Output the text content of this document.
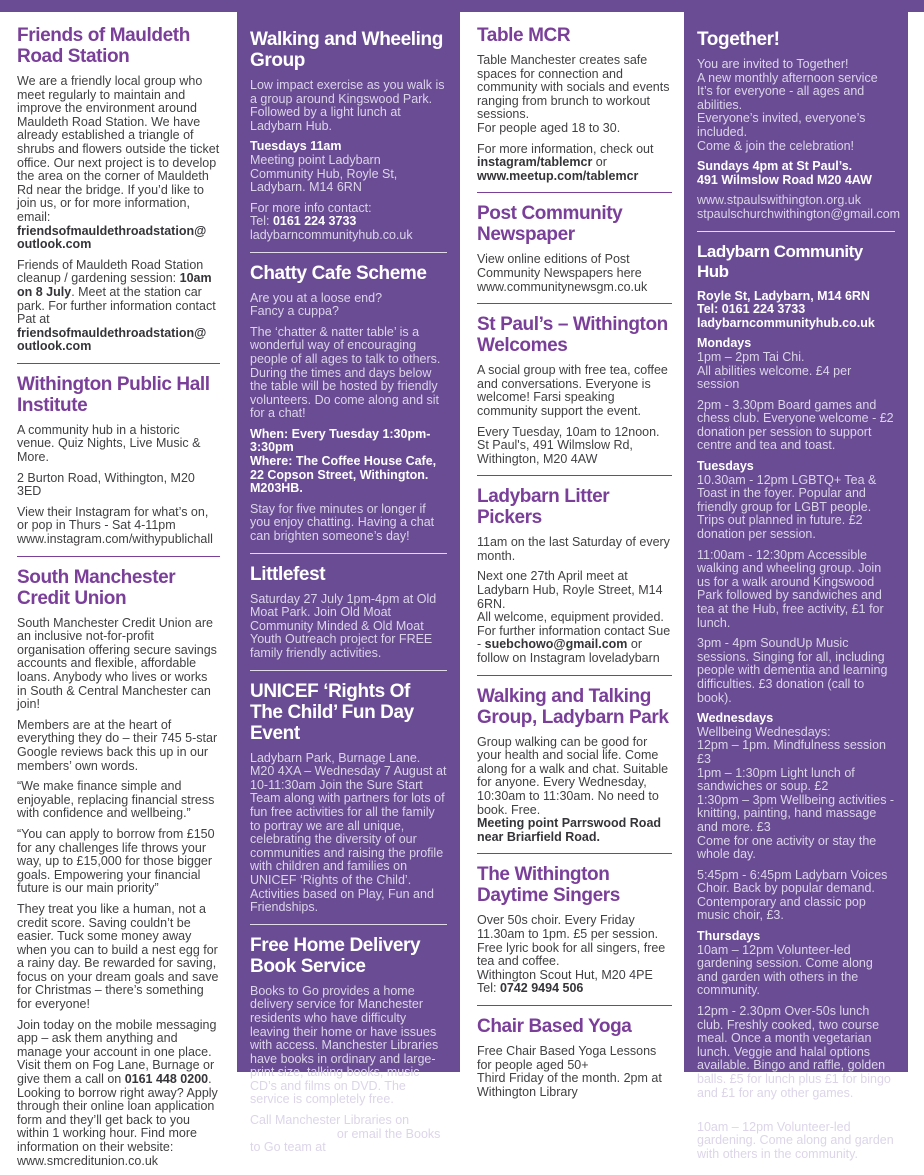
Friends of Mauldeth Road Station

We are a friendly local group who meet regularly to maintain and improve the environment around Mauldeth Road Station. We have already established a triangle of shrubs and flowers outside the ticket office. Our next project is to develop the area on the corner of Mauldeth Rd near the bridge. If you’d like to join us, or for more information, email:
friendsofmauldethroadstation@
outlook.com

Friends of Mauldeth Road Station cleanup / gardening session: 10am on 8 July. Meet at the station car park. For further information contact Pat at friendsofmauldethroadstation@
outlook.com

Withington Public Hall Institute

A community hub in a historic venue. Quiz Nights, Live Music & More.

2 Burton Road, Withington, M20 3ED

View their Instagram for what’s on, or pop in Thurs - Sat 4-11pm
www.instagram.com/withypublichall

South Manchester Credit Union

South Manchester Credit Union are an inclusive not-for-profit organisation offering secure savings accounts and flexible, affordable loans. Anybody who lives or works in South & Central Manchester can join!

Members are at the heart of everything they do – their 745 5-star Google reviews back this up in our members’ own words.

“We make finance simple and enjoyable, replacing financial stress with confidence and wellbeing.”

“You can apply to borrow from £150 for any challenges life throws your way, up to £15,000 for those bigger goals. Empowering your financial future is our main priority”

They treat you like a human, not a credit score. Saving couldn’t be easier. Tuck some money away when you can to build a nest egg for a rainy day. Be rewarded for saving, focus on your dream goals and save for Christmas – there’s something for everyone!

Join today on the mobile messaging app – ask them anything and manage your account in one place. Visit them on Fog Lane, Burnage or give them a call on 0161 448 0200. Looking to borrow right away? Apply through their online loan application form and they’ll get back to you within 1 working hour. Find more information on their website:
www.smcreditunion.co.uk

Walking and Wheeling Group

Low impact exercise as you walk is a group around Kingswood Park. Followed by a light lunch at Ladybarn Hub.

Tuesdays 11am
Meeting point Ladybarn Community Hub, Royle St, Ladybarn. M14 6RN

For more info contact:
Tel: 0161 224 3733
ladybarncommunityhub.co.uk

Chatty Cafe Scheme

Are you at a loose end?
Fancy a cuppa?

The ‘chatter & natter table’ is a wonderful way of encouraging people of all ages to talk to others. During the times and days below the table will be hosted by friendly volunteers. Do come along and sit for a chat!

When: Every Tuesday 1:30pm-3:30pm
Where: The Coffee House Cafe, 22 Copson Street, Withington. M203HB.

Stay for five minutes or longer if you enjoy chatting. Having a chat can brighten someone’s day!

Littlefest

Saturday 27 July 1pm-4pm at Old Moat Park. Join Old Moat Community Minded & Old Moat Youth Outreach project for FREE family friendly activities.

UNICEF ‘Rights Of The Child’ Fun Day Event

Ladybarn Park, Burnage Lane. M20 4XA – Wednesday 7 August at 10-11:30am Join the Sure Start Team along with partners for lots of fun free activities for all the family to portray we are all unique, celebrating the diversity of our communities and raising the profile with children and families on UNICEF ‘Rights of the Child’. Activities based on Play, Fun and Friendships.

Free Home Delivery Book Service

Books to Go provides a home delivery service for Manchester residents who have difficulty leaving their home or have issues with access. Manchester Libraries have books in ordinary and large-print size, talking books, music CD’s and films on DVD. The service is completely free.

Call Manchester Libraries on
0161 227 3800 or email the Books to Go team at
bookstogo@manchester.gov.uk

Table MCR

Table Manchester creates safe spaces for connection and community with socials and events ranging from brunch to workout sessions.
For people aged 18 to 30.

For more information, check out
instagram/tablemcr or
www.meetup.com/tablemcr

Post Community Newspaper

View online editions of Post Community Newspapers here
www.communitynewsgm.co.uk

St Paul’s – Withington Welcomes

A social group with free tea, coffee and conversations. Everyone is welcome! Farsi speaking community support the event.

Every Tuesday, 10am to 12noon.
St Paul's, 491 Wilmslow Rd, Withington, M20 4AW

Ladybarn Litter Pickers

11am on the last Saturday of every month.

Next one 27th April meet at Ladybarn Hub, Royle Street, M14 6RN.
All welcome, equipment provided.
For further information contact Sue - suebchowo@gmail.com or follow on Instagram loveladybarn

Walking and Talking Group, Ladybarn Park

Group walking can be good for your health and social life. Come along for a walk and chat. Suitable for anyone. Every Wednesday, 10:30am to 11:30am. No need to book. Free.
Meeting point Parrswood Road near Briarfield Road.

The Withington Daytime Singers

Over 50s choir. Every Friday 11.30am to 1pm. £5 per session.
Free lyric book for all singers, free tea and coffee.
Withington Scout Hut, M20 4PE
Tel: 0742 9494 506

Chair Based Yoga

Free Chair Based Yoga Lessons for people aged 50+
Third Friday of the month. 2pm at Withington Library

Together!

You are invited to Together!
A new monthly afternoon service It’s for everyone - all ages and abilities.
Everyone’s invited, everyone’s included.
Come & join the celebration!

Sundays 4pm at St Paul’s.
491 Wilmslow Road M20 4AW

www.stpaulswithington.org.uk
stpaulschurchwithington@gmail.com

Ladybarn Community Hub

Royle St, Ladybarn, M14 6RN
Tel: 0161 224 3733
ladybarncommunityhub.co.uk

Mondays
1pm – 2pm Tai Chi.
All abilities welcome. £4 per session

2pm - 3.30pm Board games and chess club. Everyone welcome - £2 donation per session to support centre and tea and toast.

Tuesdays
10.30am - 12pm LGBTQ+ Tea & Toast in the foyer. Popular and friendly group for LGBT people. Trips out planned in future. £2 donation per session.

11:00am - 12:30pm Accessible walking and wheeling group. Join us for a walk around Kingswood Park followed by sandwiches and tea at the Hub, free activity, £1 for lunch.

3pm - 4pm SoundUp Music sessions. Singing for all, including people with dementia and learning difficulties. £3 donation (call to book).

Wednesdays
Wellbeing Wednesdays:
12pm – 1pm. Mindfulness session £3
1pm – 1:30pm Light lunch of sandwiches or soup. £2
1:30pm – 3pm Wellbeing activities - knitting, painting, hand massage and more. £3
Come for one activity or stay the whole day.

5:45pm - 6:45pm Ladybarn Voices Choir. Back by popular demand. Contemporary and classic pop music choir, £3.

Thursdays
10am – 12pm Volunteer-led gardening session. Come along and garden with others in the community.

12pm - 2.30pm Over-50s lunch club. Freshly cooked, two course meal. Once a month vegetarian lunch. Veggie and halal options available. Bingo and raffle, golden balls. £5 for lunch plus £1 for bingo and £1 for any other games.

Saturdays
10am – 12pm Volunteer-led gardening. Come along and garden with others in the community.
